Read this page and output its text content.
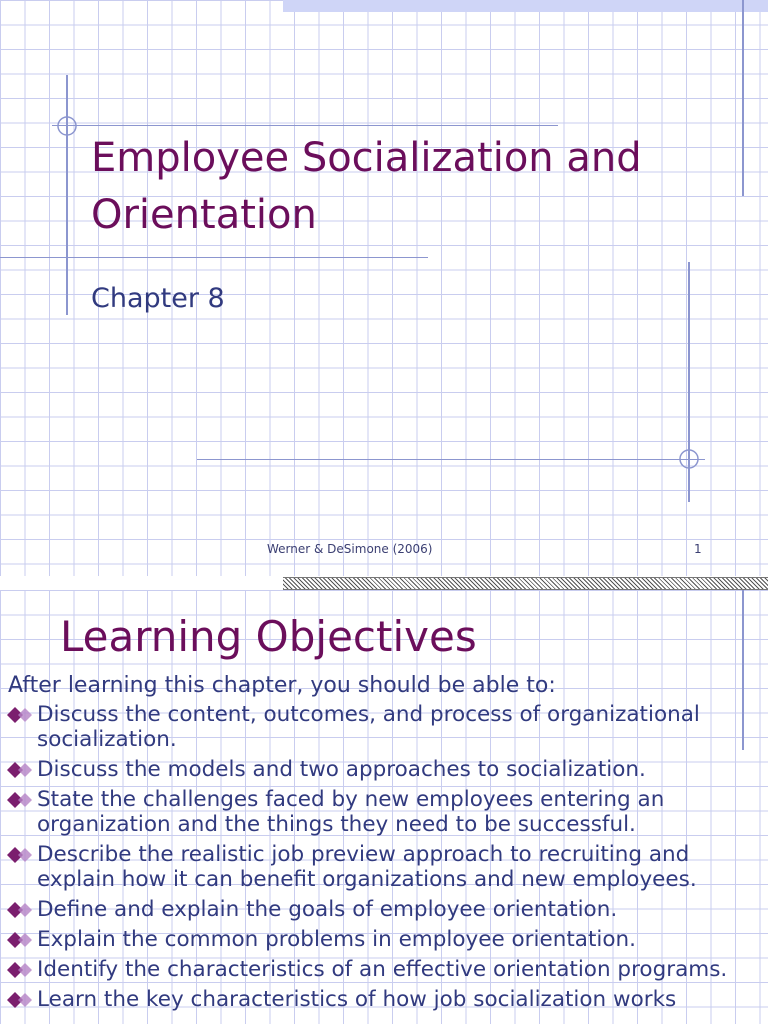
Employee Socialization and Orientation

Chapter 8

Werner & DeSimone (2006)	1
Learning Objectives

After learning this chapter, you should be able to:

Discuss the content, outcomes, and process of organizational socialization.
Discuss the models and two approaches to socialization.
State the challenges faced by new employees entering an organization and the things they need to be successful.
Describe the realistic job preview approach to recruiting and explain how it can benefit organizations and new employees.
Define and explain the goals of employee orientation.
Explain the common problems in employee orientation.
Identify the characteristics of an effective orientation programs.
Learn the key characteristics of how job socialization works
